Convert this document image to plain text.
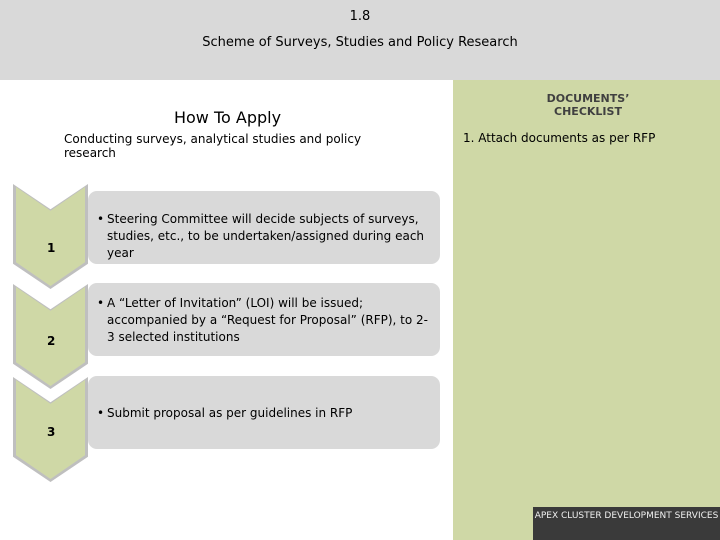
1.8
Scheme of Surveys, Studies and Policy Research
How To Apply
Conducting surveys, analytical studies and policy research
1
• Steering Committee will decide subjects of surveys, studies, etc., to be undertaken/assigned during each year
2
• A “Letter of Invitation” (LOI) will be issued; accompanied by a “Request for Proposal” (RFP), to 2-3 selected institutions
3
• Submit proposal as per guidelines in RFP
DOCUMENTS’ CHECKLIST
1. Attach documents as per RFP
APEX CLUSTER DEVELOPMENT SERVICES
